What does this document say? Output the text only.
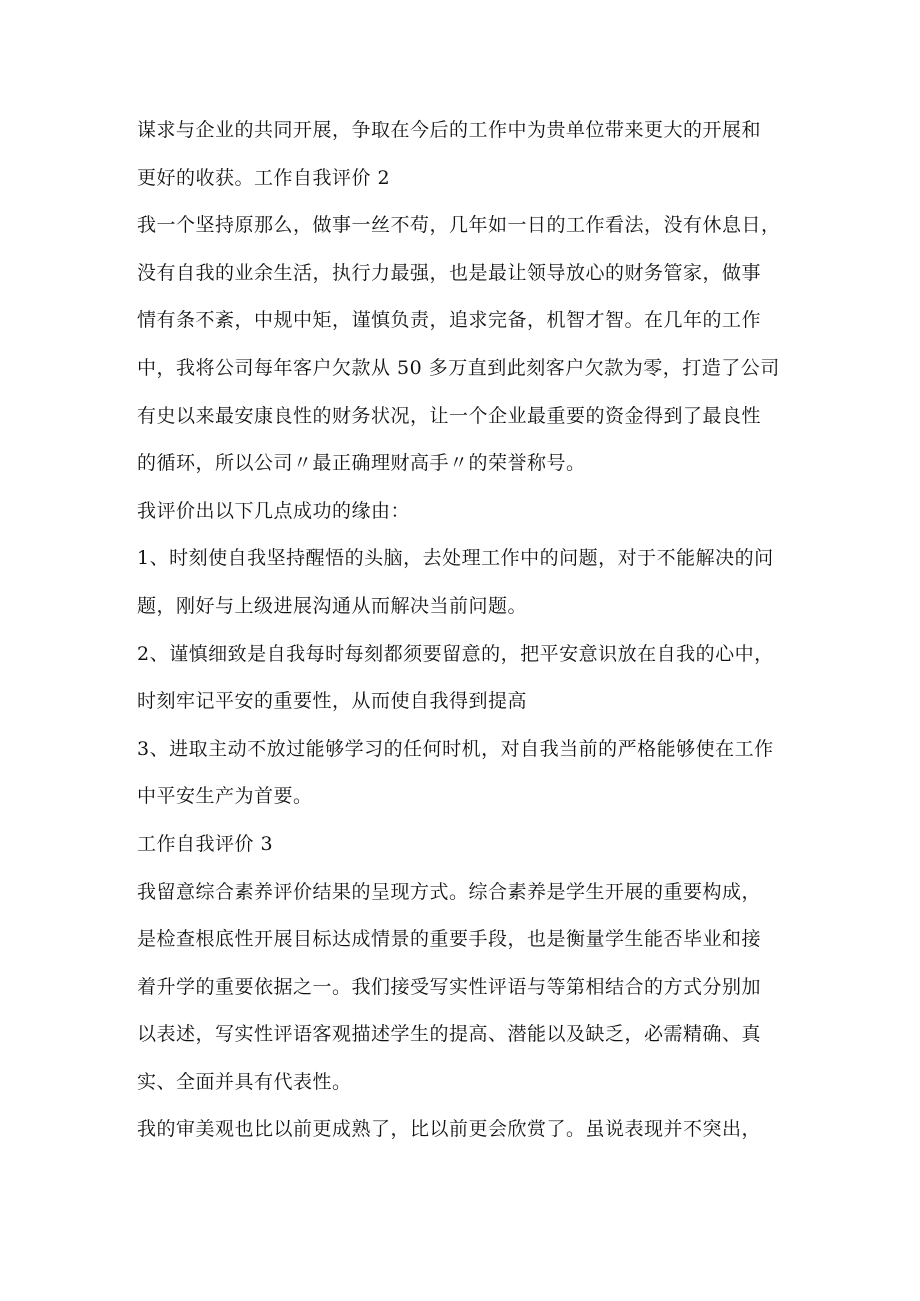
谋求与企业的共同开展，争取在今后的工作中为贵单位带来更大的开展和

更好的收获。工作自我评价 2

我一个坚持原那么，做事一丝不苟，几年如一日的工作看法，没有休息日，

没有自我的业余生活，执行力最强，也是最让领导放心的财务管家，做事

情有条不紊，中规中矩，谨慎负责，追求完备，机智才智。在几年的工作

中，我将公司每年客户欠款从 50 多万直到此刻客户欠款为零，打造了公司

有史以来最安康良性的财务状况，让一个企业最重要的资金得到了最良性

的循环，所以公司〃最正确理财高手〃的荣誉称号。

我评价出以下几点成功的缘由：

1、时刻使自我坚持醒悟的头脑，去处理工作中的问题，对于不能解决的问

题，刚好与上级进展沟通从而解决当前问题。

2、谨慎细致是自我每时每刻都须要留意的，把平安意识放在自我的心中，

时刻牢记平安的重要性，从而使自我得到提高

3、进取主动不放过能够学习的任何时机，对自我当前的严格能够使在工作

中平安生产为首要。

工作自我评价 3

我留意综合素养评价结果的呈现方式。综合素养是学生开展的重要构成，

是检查根底性开展目标达成情景的重要手段，也是衡量学生能否毕业和接

着升学的重要依据之一。我们接受写实性评语与等第相结合的方式分别加

以表述，写实性评语客观描述学生的提高、潜能以及缺乏，必需精确、真

实、全面并具有代表性。

我的审美观也比以前更成熟了，比以前更会欣赏了。虽说表现并不突出，
